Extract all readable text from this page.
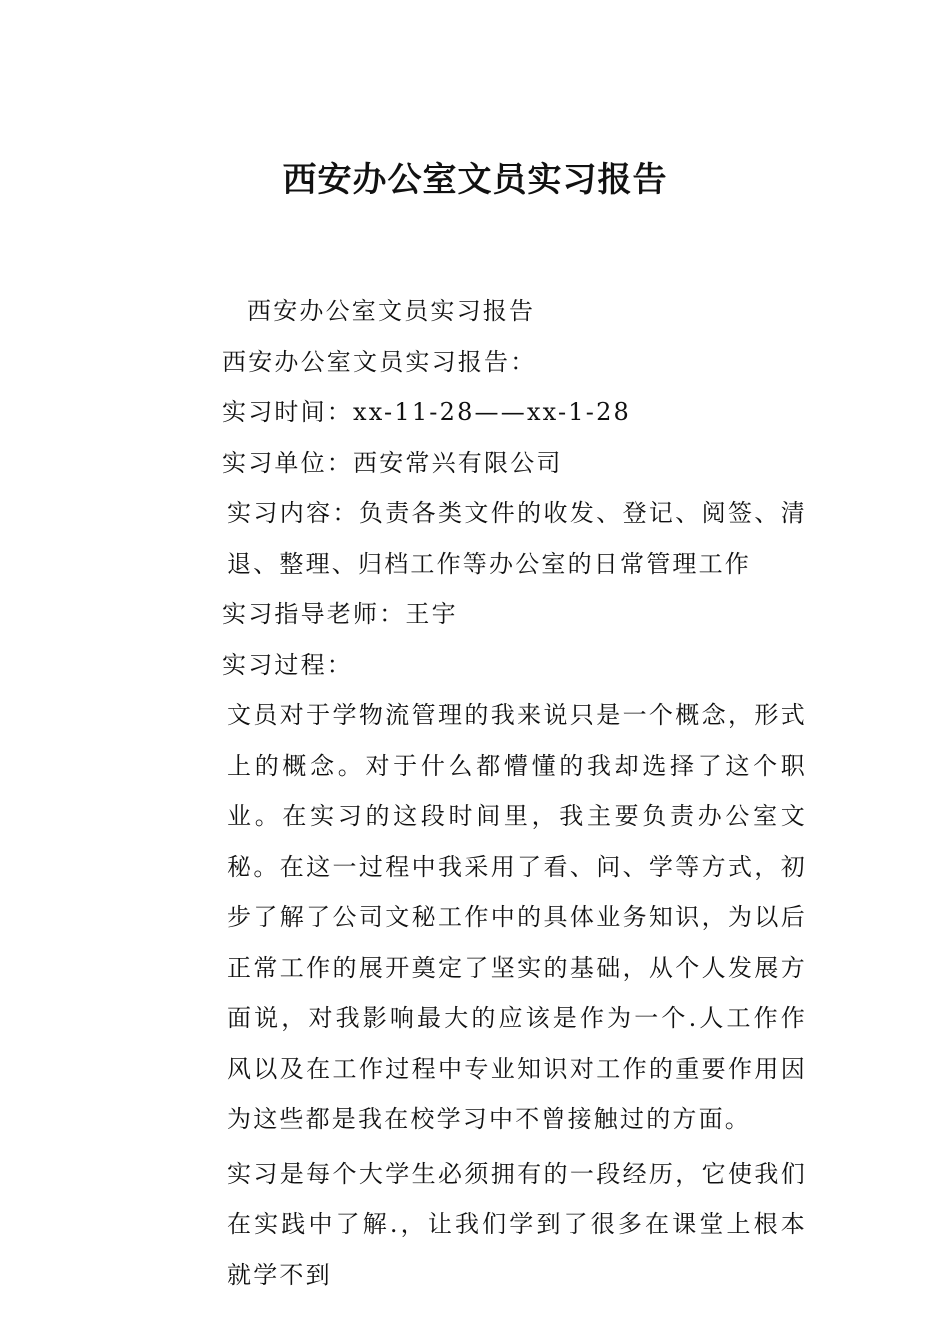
西安办公室文员实习报告

西安办公室文员实习报告

西安办公室文员实习报告：

实习时间：xx-11-28——xx-1-28

实习单位：西安常兴有限公司

实习内容：负责各类文件的收发、登记、阅签、清退、整理、归档工作等办公室的日常管理工作

实习指导老师：王宇

实习过程：

文员对于学物流管理的我来说只是一个概念，形式上的概念。对于什么都懵懂的我却选择了这个职业。在实习的这段时间里，我主要负责办公室文秘。在这一过程中我采用了看、问、学等方式，初步了解了公司文秘工作中的具体业务知识，为以后正常工作的展开奠定了坚实的基础，从个人发展方面说，对我影响最大的应该是作为一个.人工作作风以及在工作过程中专业知识对工作的重要作用因为这些都是我在校学习中不曾接触过的方面。

实习是每个大学生必须拥有的一段经历，它使我们在实践中了解.，让我们学到了很多在课堂上根本就学不到
